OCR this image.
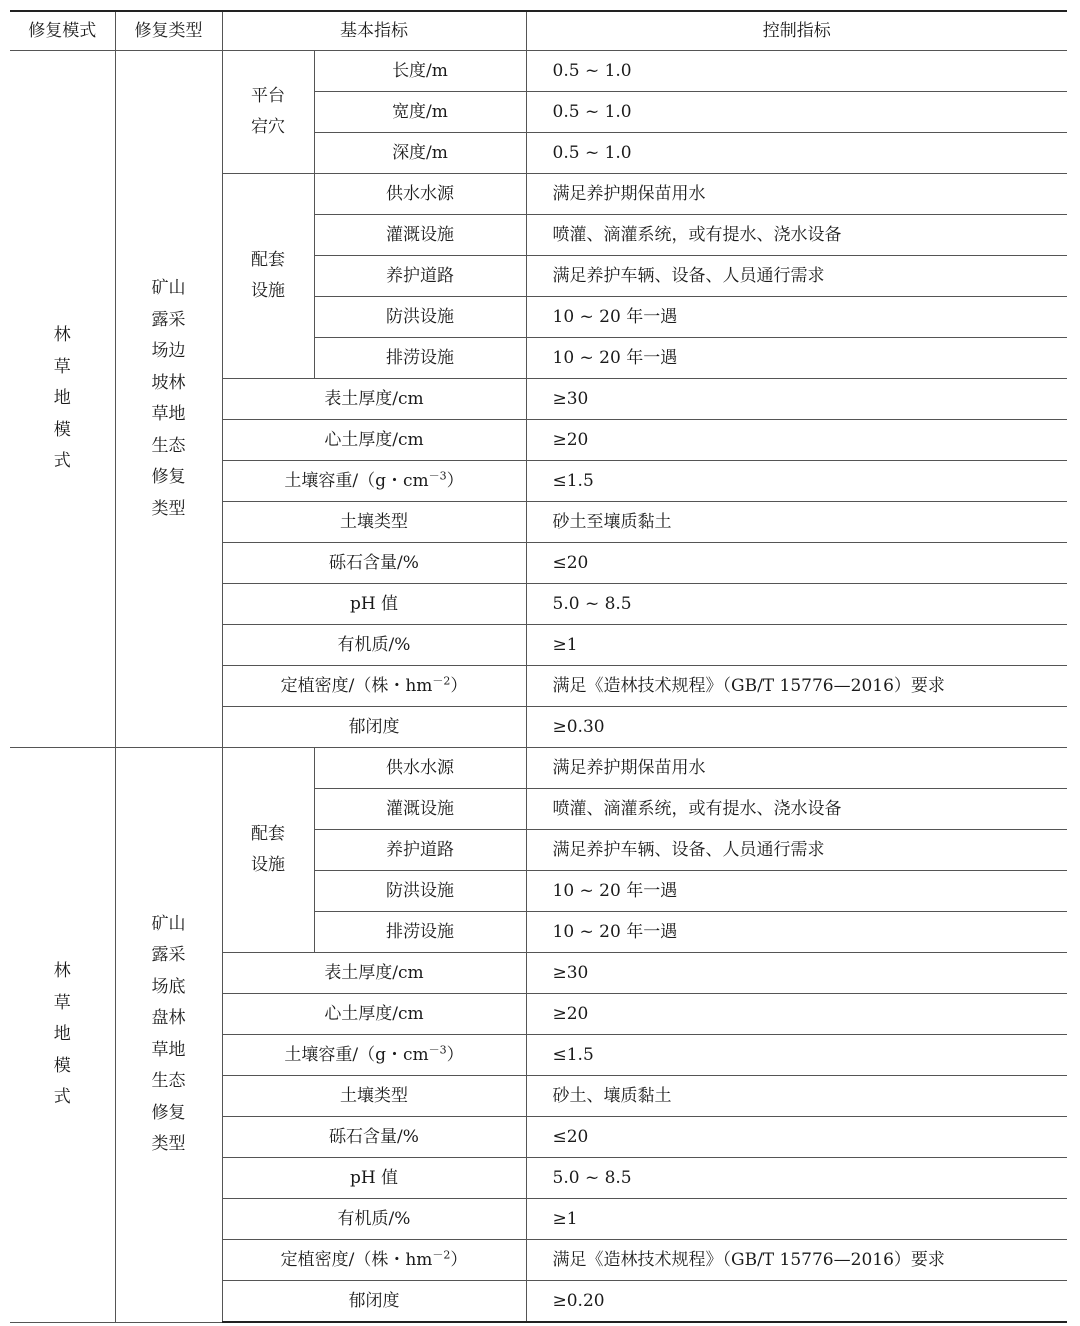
修复模式	修复类型	基本指标		控制指标

林草地模式	矿山露采场边坡林草地生态修复类型	平台宕穴	长度/m	0.5 ~ 1.0
			宽度/m	0.5 ~ 1.0
			深度/m	0.5 ~ 1.0

		配套设施	供水水源	满足养护期保苗用水
			灌溉设施	喷灌、滴灌系统，或有提水、浇水设备
			养护道路	满足养护车辆、设备、人员通行需求
			防洪设施	10 ~ 20 年一遇
			排涝设施	10 ~ 20 年一遇
		表土厚度/cm		≥30
		心土厚度/cm		≥20
		土壤容重/（g・$cm^{-3}$）		≤1.5
		土壤类型		砂土至壤质黏土
		砾石含量/%		≤20
		pH 值		5.0 ~ 8.5
		有机质/%		≥1
		定植密度/（株・$hm^{-2}$）		满足《造林技术规程》（GB/T 15776—2016）要求
		郁闭度		≥0.30

林草地模式	矿山露采场底盘林草地生态修复类型	配套设施	供水水源	满足养护期保苗用水
			灌溉设施	喷灌、滴灌系统，或有提水、浇水设备
			养护道路	满足养护车辆、设备、人员通行需求
			防洪设施	10 ~ 20 年一遇
			排涝设施	10 ~ 20 年一遇
		表土厚度/cm		≥30
		心土厚度/cm		≥20
		土壤容重/（g・$cm^{-3}$）		≤1.5
		土壤类型		砂土、壤质黏土
		砾石含量/%		≤20
		pH 值		5.0 ~ 8.5
		有机质/%		≥1
		定植密度/（株・$hm^{-2}$）		满足《造林技术规程》（GB/T 15776—2016）要求
		郁闭度		≥0.20
